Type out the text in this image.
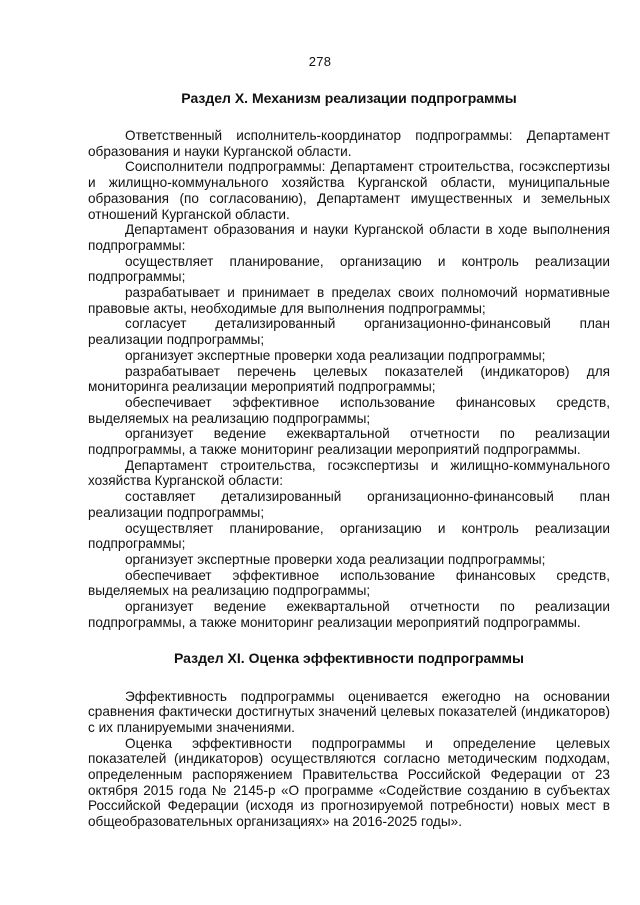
278
Раздел X. Механизм реализации подпрограммы

Ответственный исполнитель-координатор подпрограммы: Департамент образования и науки Курганской области.

Соисполнители подпрограммы: Департамент строительства, госэкспертизы и жилищно-коммунального хозяйства Курганской области, муниципальные образования (по согласованию), Департамент имущественных и земельных отношений Курганской области.

Департамент образования и науки Курганской области в ходе выполнения подпрограммы:

осуществляет планирование, организацию и контроль реализации подпрограммы;

разрабатывает и принимает в пределах своих полномочий нормативные правовые акты, необходимые для выполнения подпрограммы;

согласует детализированный организационно-финансовый план реализации подпрограммы;

организует экспертные проверки хода реализации подпрограммы;

разрабатывает перечень целевых показателей (индикаторов) для мониторинга реализации мероприятий подпрограммы;

обеспечивает эффективное использование финансовых средств, выделяемых на реализацию подпрограммы;

организует ведение ежеквартальной отчетности по реализации подпрограммы, а также мониторинг реализации мероприятий подпрограммы.

Департамент строительства, госэкспертизы и жилищно-коммунального хозяйства Курганской области:

составляет детализированный организационно-финансовый план реализации подпрограммы;

осуществляет планирование, организацию и контроль реализации подпрограммы;

организует экспертные проверки хода реализации подпрограммы;

обеспечивает эффективное использование финансовых средств, выделяемых на реализацию подпрограммы;

организует ведение ежеквартальной отчетности по реализации подпрограммы, а также мониторинг реализации мероприятий подпрограммы.

Раздел XI. Оценка эффективности подпрограммы

Эффективность подпрограммы оценивается ежегодно на основании сравнения фактически достигнутых значений целевых показателей (индикаторов) с их планируемыми значениями.

Оценка эффективности подпрограммы и определение целевых показателей (индикаторов) осуществляются согласно методическим подходам, определенным распоряжением Правительства Российской Федерации от 23 октября 2015 года № 2145-р «О программе «Содействие созданию в субъектах Российской Федерации (исходя из прогнозируемой потребности) новых мест в общеобразовательных организациях» на 2016-2025 годы».
